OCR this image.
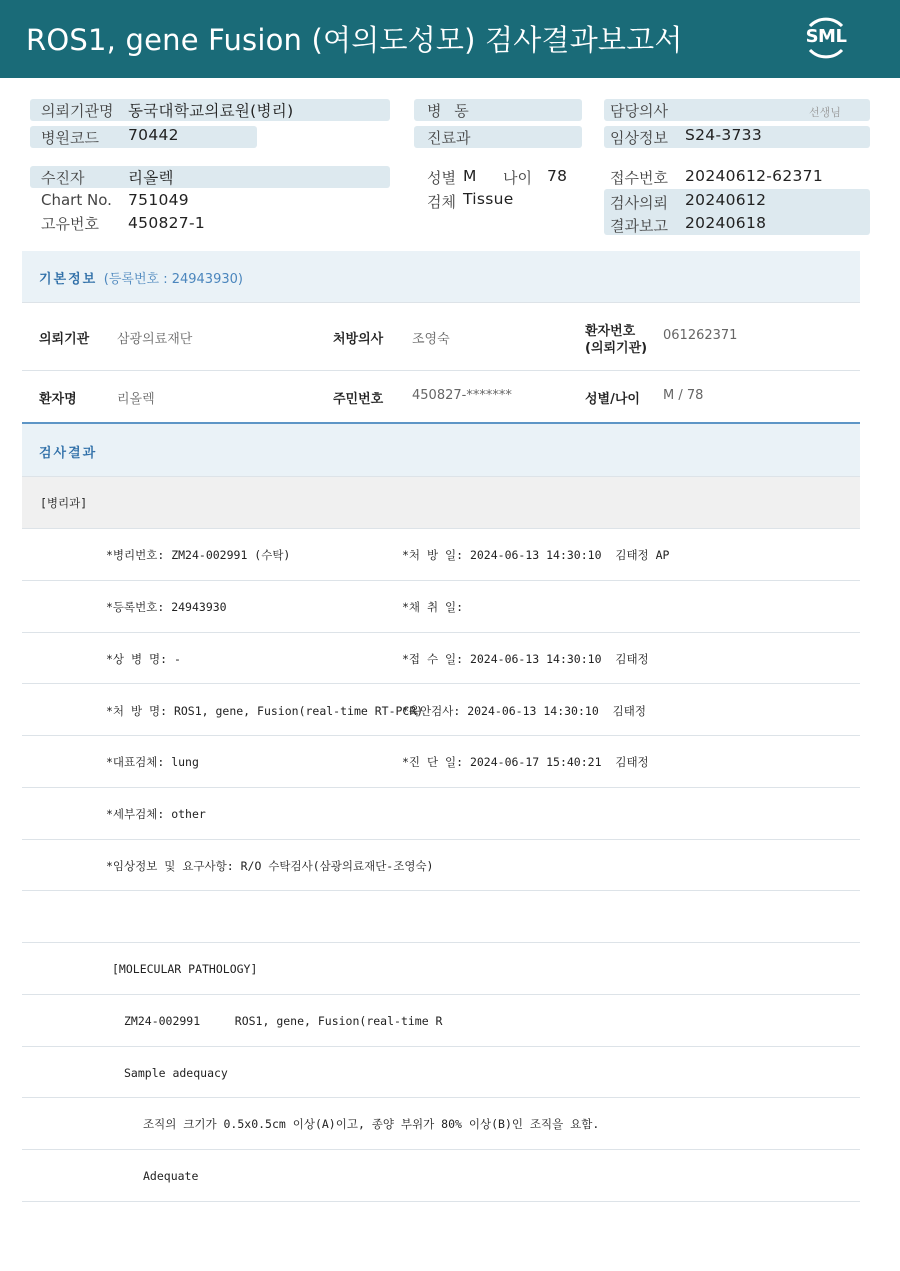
ROS1, gene Fusion (여의도성모) 검사결과보고서	SML
의뢰기관명 동국대학교의료원(병리)
병원코드 70442
병 동
진료과
담당의사	선생님
임상정보 S24-3733
수진자	리올렉
Chart No. 751049
고유번호 450827-1
성별 M 나이 78
검체 Tissue
접수번호 20240612-62371
검사의뢰 20240612
결과보고 20240618
기본정보 (등록번호 : 24943930)
의뢰기관 삼광의료재단	처방의사 조영숙
환자번호
(의뢰기관)
061262371
환자명	리올렉	주민번호 450827-*******	성별/나이 M / 78
검사결과
[병리과]
*병리번호: ZM24-002991 (수탁)	*처 방 일: 2024-06-13 14:30:10  김태정 AP
*등록번호: 24943930	*채 취 일:
*상 병 명: -	*접 수 일: 2024-06-13 14:30:10  김태정
*처 방 명: ROS1, gene, Fusion(real-time RT-PCR)
*육안검사: 2024-06-13 14:30:10  김태정
*대표검체: lung	*진 단 일: 2024-06-17 15:40:21  김태정
*세부검체: other
*임상정보 및 요구사항: R/O 수탁검사(삼광의료재단-조영숙)
[MOLECULAR PATHOLOGY]
ZM24-002991     ROS1, gene, Fusion(real-time R
Sample adequacy
조직의 크기가 0.5x0.5cm 이상(A)이고, 종양 부위가 80% 이상(B)인 조직을 요함.
Adequate
